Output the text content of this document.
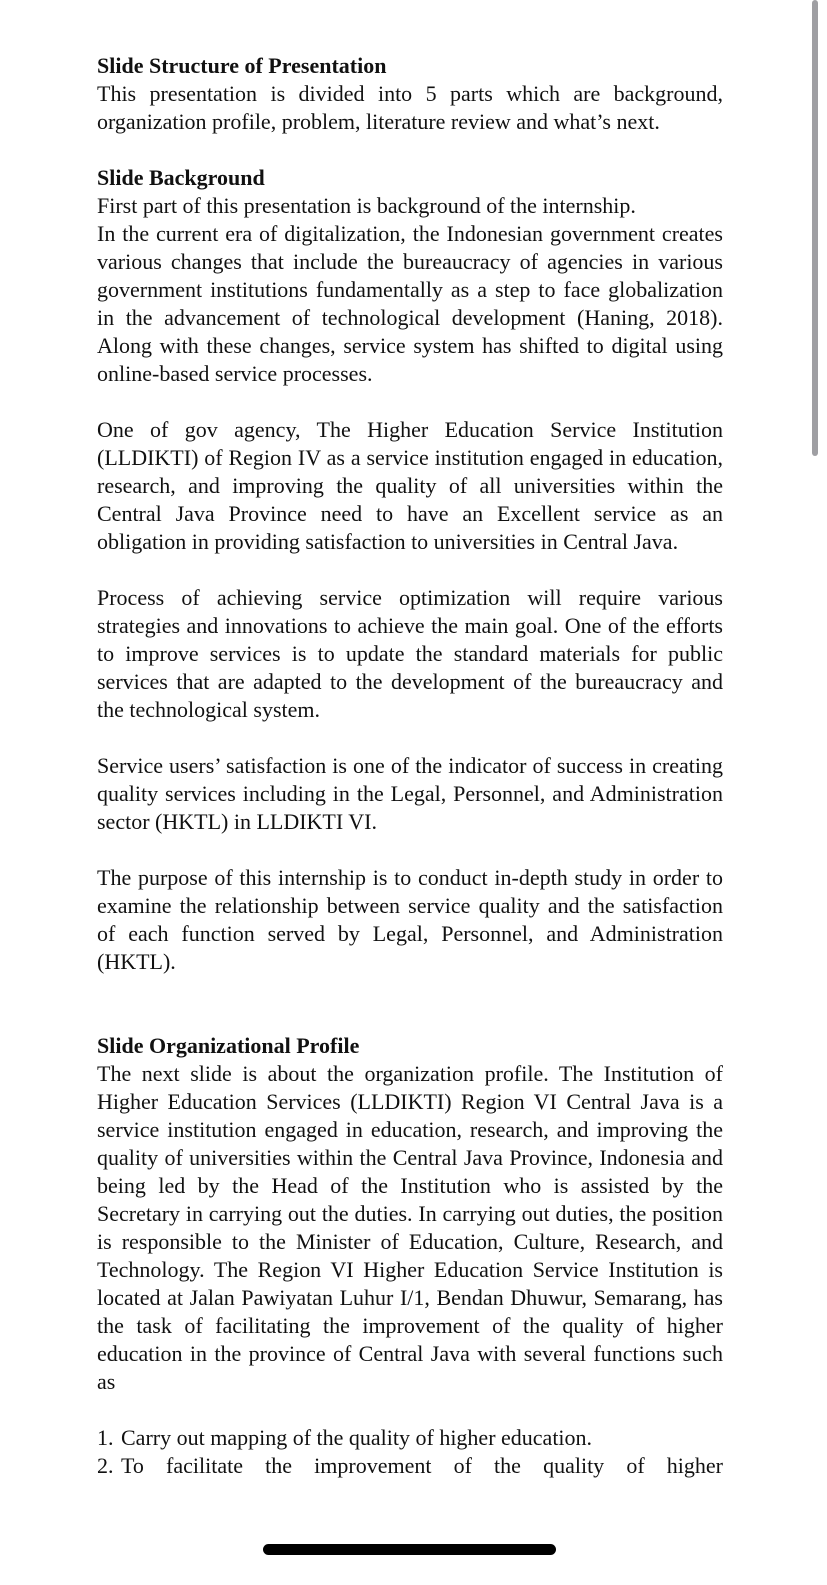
Slide Structure of Presentation

This presentation is divided into 5 parts which are background, organization profile, problem, literature review and what’s next.

Slide Background

First part of this presentation is background of the internship.

In the current era of digitalization, the Indonesian government creates various changes that include the bureaucracy of agencies in various government institutions fundamentally as a step to face globalization in the advancement of technological development (Haning, 2018). Along with these changes, service system has shifted to digital using online-based service processes.

One of gov agency, The Higher Education Service Institution (LLDIKTI) of Region IV as a service institution engaged in education, research, and improving the quality of all universities within the Central Java Province need to have an Excellent service as an obligation in providing satisfaction to universities in Central Java.

Process of achieving service optimization will require various strategies and innovations to achieve the main goal. One of the efforts to improve services is to update the standard materials for public services that are adapted to the development of the bureaucracy and the technological system.

Service users’ satisfaction is one of the indicator of success in creating quality services including in the Legal, Personnel, and Administration sector (HKTL) in LLDIKTI VI.

The purpose of this internship is to conduct in-depth study in order to examine the relationship between service quality and the satisfaction of each function served by Legal, Personnel, and Administration (HKTL).

Slide Organizational Profile

The next slide is about the organization profile. The Institution of Higher Education Services (LLDIKTI) Region VI Central Java is a service institution engaged in education, research, and improving the quality of universities within the Central Java Province, Indonesia and being led by the Head of the Institution who is assisted by the Secretary in carrying out the duties. In carrying out duties, the position is responsible to the Minister of Education, Culture, Research, and Technology. The Region VI Higher Education Service Institution is located at Jalan Pawiyatan Luhur I/1, Bendan Dhuwur, Semarang, has the task of facilitating the improvement of the quality of higher education in the province of Central Java with several functions such as

1. Carry out mapping of the quality of higher education.
2. To facilitate the improvement of the quality of higher
